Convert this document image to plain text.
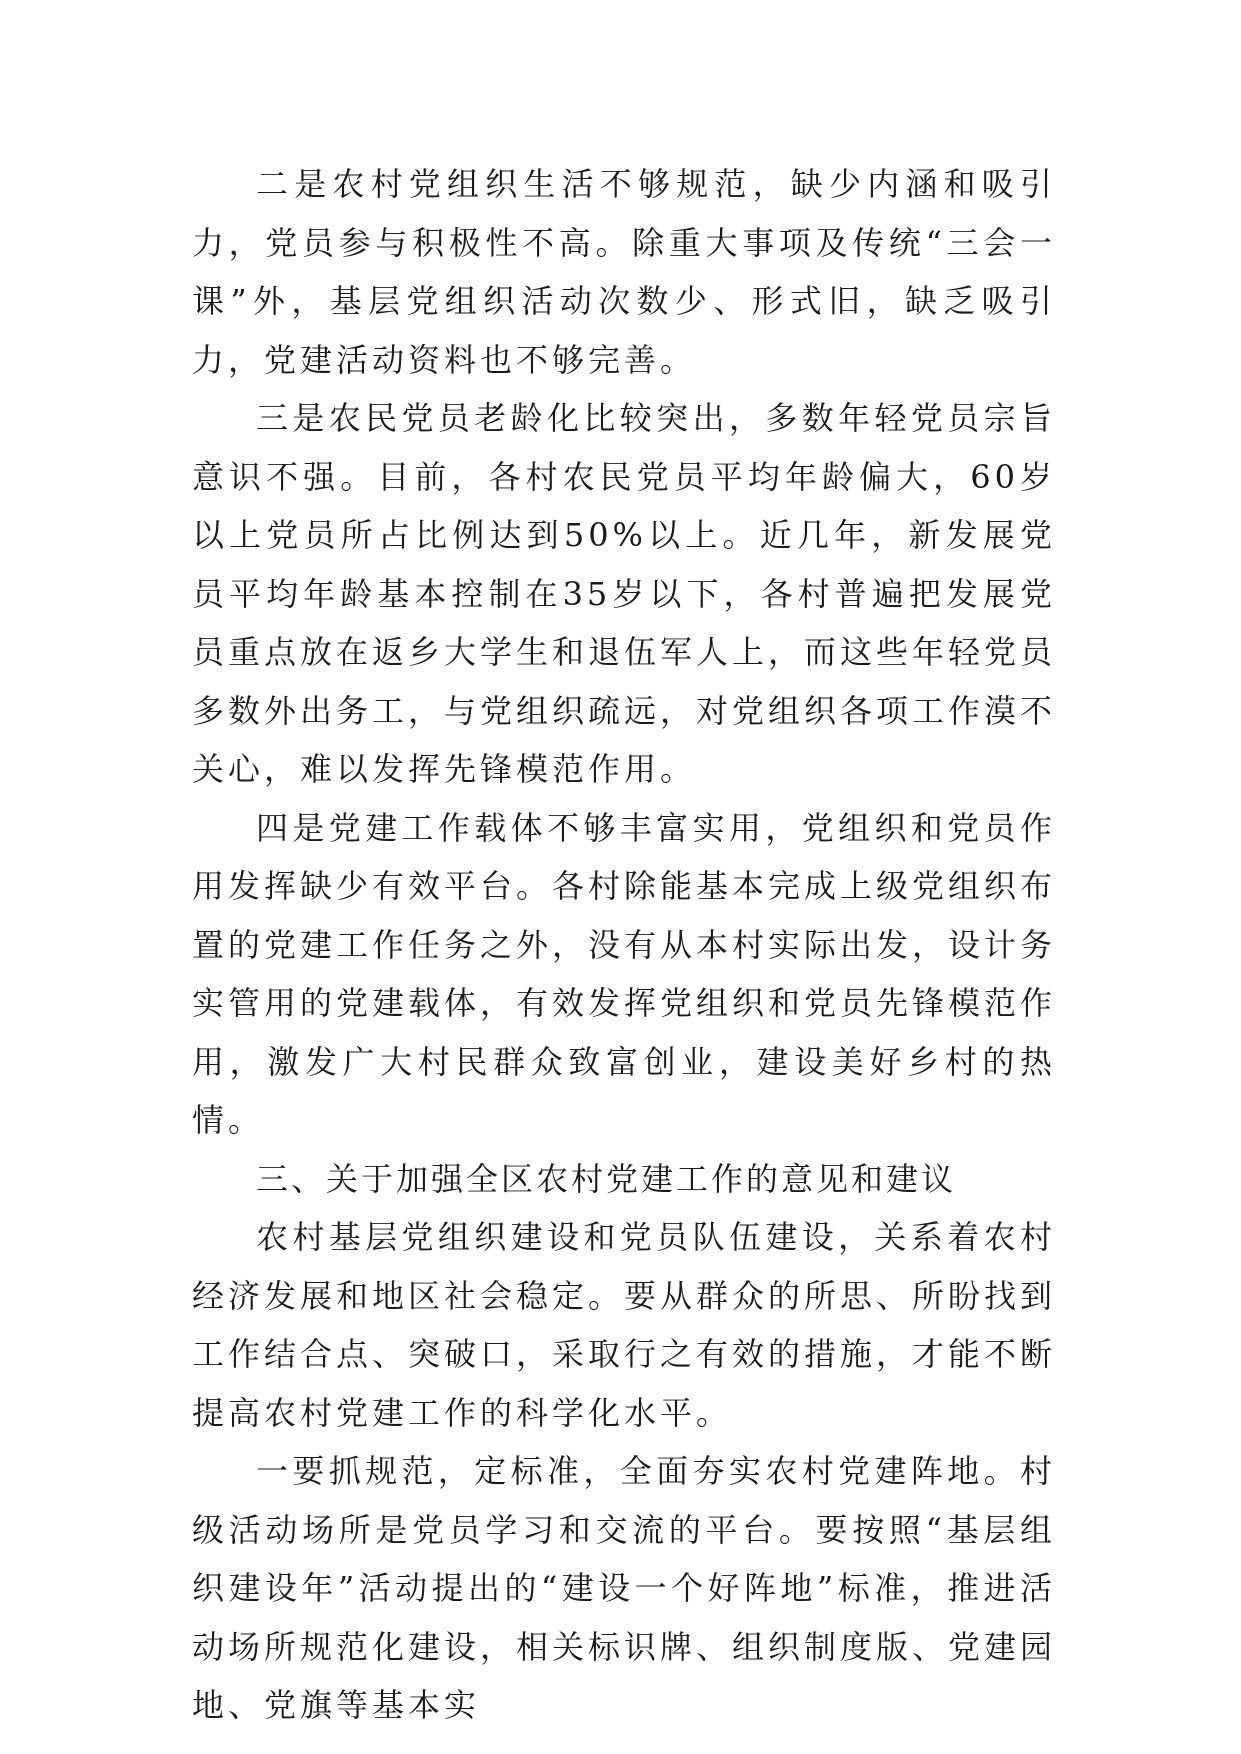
二是农村党组织生活不够规范，缺少内涵和吸引力，党员参与积极性不高。除重大事项及传统“三会一课”外，基层党组织活动次数少、形式旧，缺乏吸引力，党建活动资料也不够完善。

三是农民党员老龄化比较突出，多数年轻党员宗旨意识不强。目前，各村农民党员平均年龄偏大，60岁以上党员所占比例达到50%以上。近几年，新发展党员平均年龄基本控制在35岁以下，各村普遍把发展党员重点放在返乡大学生和退伍军人上，而这些年轻党员多数外出务工，与党组织疏远，对党组织各项工作漠不关心，难以发挥先锋模范作用。

四是党建工作载体不够丰富实用，党组织和党员作用发挥缺少有效平台。各村除能基本完成上级党组织布置的党建工作任务之外，没有从本村实际出发，设计务实管用的党建载体，有效发挥党组织和党员先锋模范作用，激发广大村民群众致富创业，建设美好乡村的热情。

三、关于加强全区农村党建工作的意见和建议

农村基层党组织建设和党员队伍建设，关系着农村经济发展和地区社会稳定。要从群众的所思、所盼找到工作结合点、突破口，采取行之有效的措施，才能不断提高农村党建工作的科学化水平。

一要抓规范，定标准，全面夯实农村党建阵地。村级活动场所是党员学习和交流的平台。要按照“基层组织建设年”活动提出的“建设一个好阵地”标准，推进活动场所规范化建设，相关标识牌、组织制度版、党建园地、党旗等基本实
